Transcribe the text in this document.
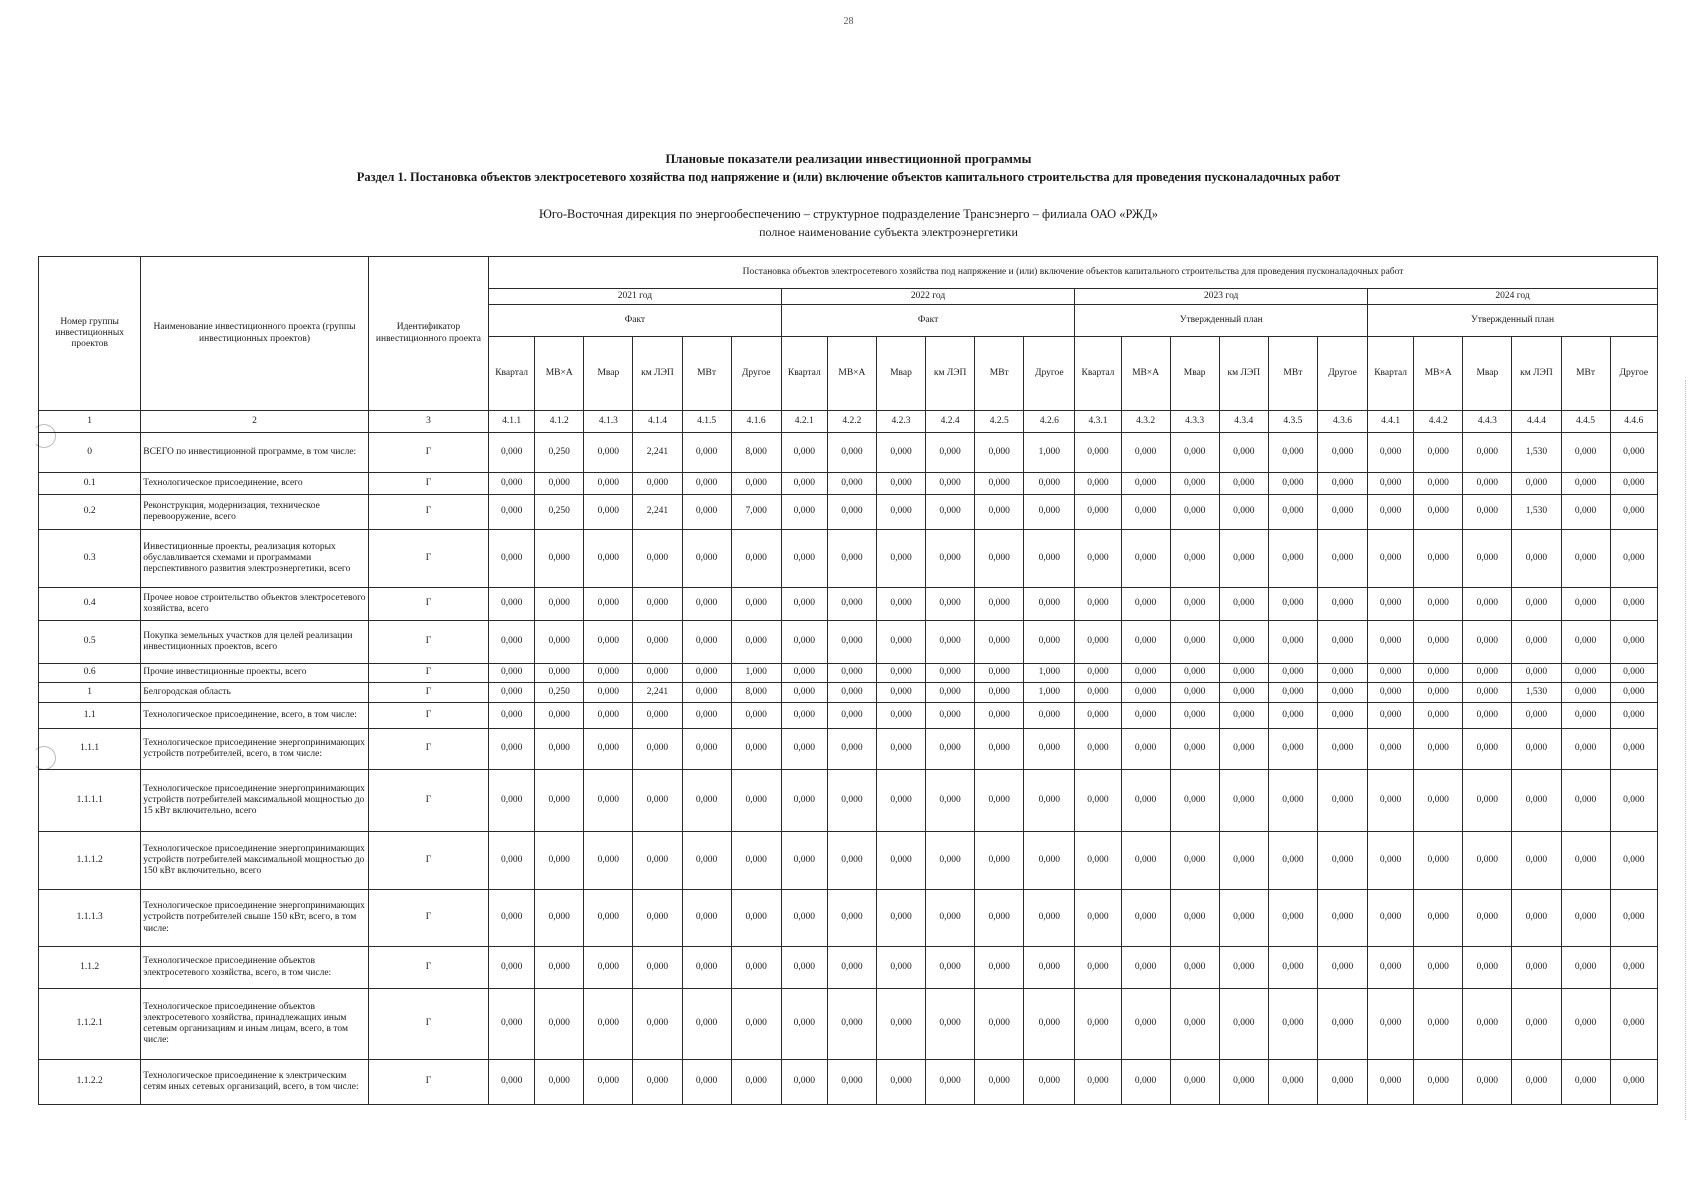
28
Плановые показатели реализации инвестиционной программы
Раздел 1. Постановка объектов электросетевого хозяйства под напряжение и (или) включение объектов капитального строительства для проведения пусконаладочных работ
Юго-Восточная дирекция по энергообеспечению – структурное подразделение Трансэнерго – филиала ОАО «РЖД»
полное наименование субъекта электроэнергетики
Номер группы инвестиционных проектов	Наименование инвестиционного проекта (группы инвестиционных проектов)	Идентификатор инвестиционного проекта	Постановка объектов электросетевого хозяйства под напряжение и (или) включение объектов капитального строительства для проведения пусконаладочных работ																							
			2021 год						2022 год						2023 год						2024 год					
			Факт						Факт						Утвержденный план						Утвержденный план					
			Квартал	МВ×А	Мвар	км ЛЭП	МВт	Другое	Квартал	МВ×А	Мвар	км ЛЭП	МВт	Другое	Квартал	МВ×А	Мвар	км ЛЭП	МВт	Другое	Квартал	МВ×А	Мвар	км ЛЭП	МВт	Другое

1	2	3	4.1.1	4.1.2	4.1.3	4.1.4	4.1.5	4.1.6	4.2.1	4.2.2	4.2.3	4.2.4	4.2.5	4.2.6	4.3.1	4.3.2	4.3.3	4.3.4	4.3.5	4.3.6	4.4.1	4.4.2	4.4.3	4.4.4	4.4.5	4.4.6
0	ВСЕГО по инвестиционной программе, в том числе:	Г	0,000	0,250	0,000	2,241	0,000	8,000	0,000	0,000	0,000	0,000	0,000	1,000	0,000	0,000	0,000	0,000	0,000	0,000	0,000	0,000	0,000	1,530	0,000	0,000
0.1	Технологическое присоединение, всего	Г	0,000	0,000	0,000	0,000	0,000	0,000	0,000	0,000	0,000	0,000	0,000	0,000	0,000	0,000	0,000	0,000	0,000	0,000	0,000	0,000	0,000	0,000	0,000	0,000
0.2	Реконструкция, модернизация, техническое перевооружение, всего	Г	0,000	0,250	0,000	2,241	0,000	7,000	0,000	0,000	0,000	0,000	0,000	0,000	0,000	0,000	0,000	0,000	0,000	0,000	0,000	0,000	0,000	1,530	0,000	0,000
0.3	Инвестиционные проекты, реализация которых обуславливается схемами и программами перспективного развития электроэнергетики, всего	Г	0,000	0,000	0,000	0,000	0,000	0,000	0,000	0,000	0,000	0,000	0,000	0,000	0,000	0,000	0,000	0,000	0,000	0,000	0,000	0,000	0,000	0,000	0,000	0,000
0.4	Прочее новое строительство объектов электросетевого хозяйства, всего	Г	0,000	0,000	0,000	0,000	0,000	0,000	0,000	0,000	0,000	0,000	0,000	0,000	0,000	0,000	0,000	0,000	0,000	0,000	0,000	0,000	0,000	0,000	0,000	0,000
0.5	Покупка земельных участков для целей реализации инвестиционных проектов, всего	Г	0,000	0,000	0,000	0,000	0,000	0,000	0,000	0,000	0,000	0,000	0,000	0,000	0,000	0,000	0,000	0,000	0,000	0,000	0,000	0,000	0,000	0,000	0,000	0,000
0.6	Прочие инвестиционные проекты, всего	Г	0,000	0,000	0,000	0,000	0,000	1,000	0,000	0,000	0,000	0,000	0,000	1,000	0,000	0,000	0,000	0,000	0,000	0,000	0,000	0,000	0,000	0,000	0,000	0,000
1	Белгородская область	Г	0,000	0,250	0,000	2,241	0,000	8,000	0,000	0,000	0,000	0,000	0,000	1,000	0,000	0,000	0,000	0,000	0,000	0,000	0,000	0,000	0,000	1,530	0,000	0,000
1.1	Технологическое присоединение, всего, в том числе:	Г	0,000	0,000	0,000	0,000	0,000	0,000	0,000	0,000	0,000	0,000	0,000	0,000	0,000	0,000	0,000	0,000	0,000	0,000	0,000	0,000	0,000	0,000	0,000	0,000
1.1.1	Технологическое присоединение энергопринимающих устройств потребителей, всего, в том числе:	Г	0,000	0,000	0,000	0,000	0,000	0,000	0,000	0,000	0,000	0,000	0,000	0,000	0,000	0,000	0,000	0,000	0,000	0,000	0,000	0,000	0,000	0,000	0,000	0,000
1.1.1.1	Технологическое присоединение энергопринимающих устройств потребителей максимальной мощностью до 15 кВт включительно, всего	Г	0,000	0,000	0,000	0,000	0,000	0,000	0,000	0,000	0,000	0,000	0,000	0,000	0,000	0,000	0,000	0,000	0,000	0,000	0,000	0,000	0,000	0,000	0,000	0,000
1.1.1.2	Технологическое присоединение энергопринимающих устройств потребителей максимальной мощностью до 150 кВт включительно, всего	Г	0,000	0,000	0,000	0,000	0,000	0,000	0,000	0,000	0,000	0,000	0,000	0,000	0,000	0,000	0,000	0,000	0,000	0,000	0,000	0,000	0,000	0,000	0,000	0,000
1.1.1.3	Технологическое присоединение энергопринимающих устройств потребителей свыше 150 кВт, всего, в том числе:	Г	0,000	0,000	0,000	0,000	0,000	0,000	0,000	0,000	0,000	0,000	0,000	0,000	0,000	0,000	0,000	0,000	0,000	0,000	0,000	0,000	0,000	0,000	0,000	0,000
1.1.2	Технологическое присоединение объектов электросетевого хозяйства, всего, в том числе:	Г	0,000	0,000	0,000	0,000	0,000	0,000	0,000	0,000	0,000	0,000	0,000	0,000	0,000	0,000	0,000	0,000	0,000	0,000	0,000	0,000	0,000	0,000	0,000	0,000
1.1.2.1	Технологическое присоединение объектов электросетевого хозяйства, принадлежащих иным сетевым организациям и иным лицам, всего, в том числе:	Г	0,000	0,000	0,000	0,000	0,000	0,000	0,000	0,000	0,000	0,000	0,000	0,000	0,000	0,000	0,000	0,000	0,000	0,000	0,000	0,000	0,000	0,000	0,000	0,000
1.1.2.2	Технологическое присоединение к электрическим сетям иных сетевых организаций, всего, в том числе:	Г	0,000	0,000	0,000	0,000	0,000	0,000	0,000	0,000	0,000	0,000	0,000	0,000	0,000	0,000	0,000	0,000	0,000	0,000	0,000	0,000	0,000	0,000	0,000	0,000
